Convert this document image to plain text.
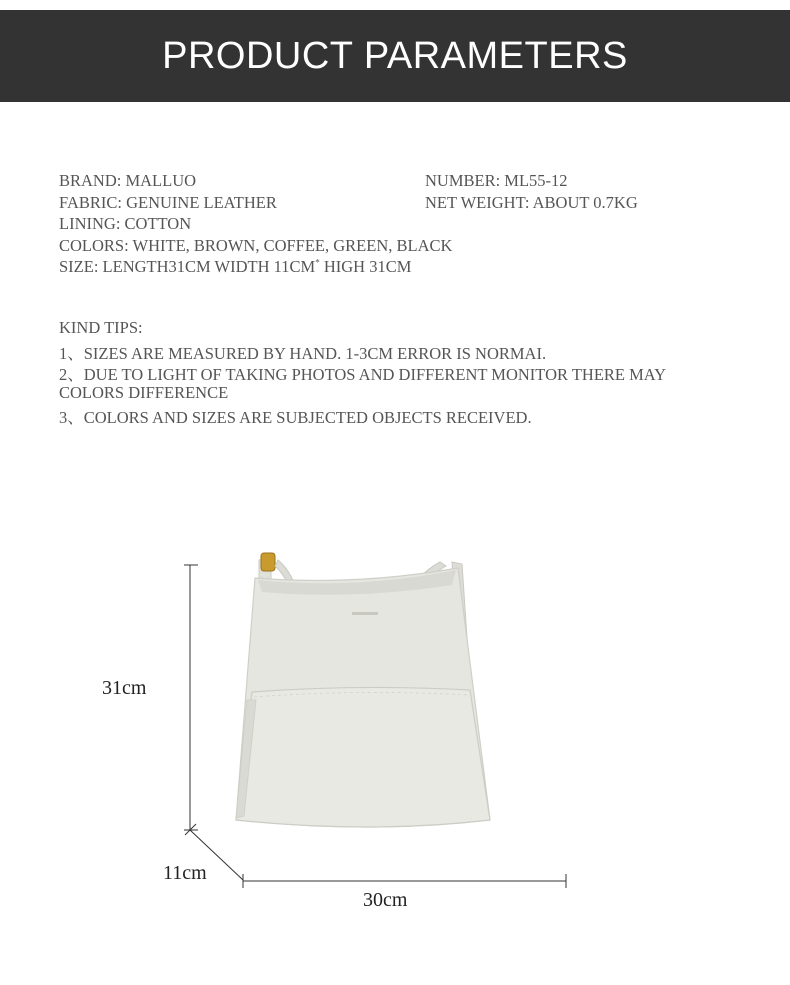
PRODUCT PARAMETERS
BRAND: MALLUO	NUMBER: ML55-12
FABRIC: GENUINE LEATHER	NET WEIGHT: ABOUT 0.7KG
LINING: COTTON
COLORS: WHITE, BROWN, COFFEE, GREEN, BLACK
SIZE: LENGTH31CM WIDTH 11CM* HIGH 31CM
KIND TIPS:
1、SIZES ARE MEASURED BY HAND. 1-3CM ERROR IS NORMAI.
2、DUE TO LIGHT OF TAKING PHOTOS AND DIFFERENT MONITOR THERE MAY
COLORS DIFFERENCE
3、COLORS AND SIZES ARE SUBJECTED OBJECTS RECEIVED.
31cm
11cm
30cm
